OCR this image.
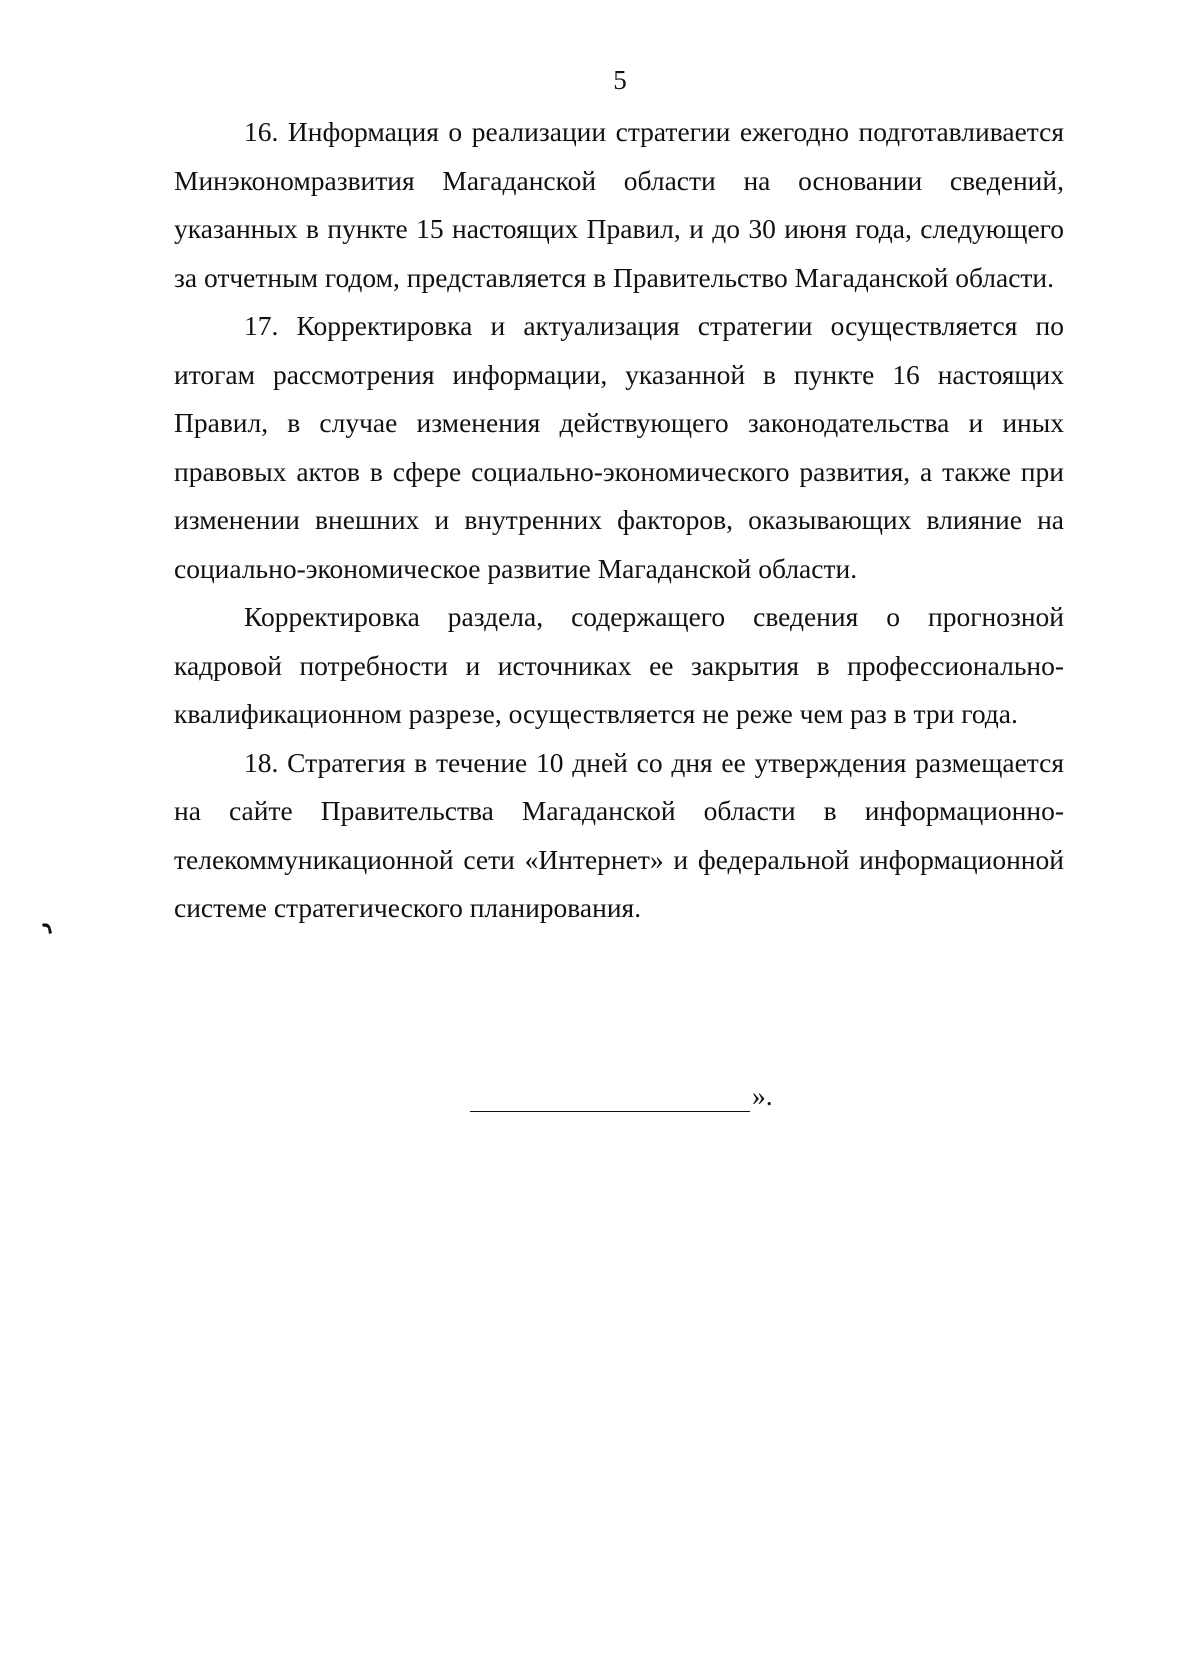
5

16. Информация о реализации стратегии ежегодно подготавливается Минэкономразвития Магаданской области на основании сведений, указанных в пункте 15 настоящих Правил, и до 30 июня года, следующего за отчетным годом, представляется в Правительство Магаданской области.

17. Корректировка и актуализация стратегии осуществляется по итогам рассмотрения информации, указанной в пункте 16 настоящих Правил, в случае изменения действующего законодательства и иных правовых актов в сфере социально-экономического развития, а также при изменении внешних и внутренних факторов, оказывающих влияние на социально-экономическое развитие Магаданской области.

Корректировка раздела, содержащего сведения о прогнозной кадровой потребности и источниках ее закрытия в профессионально-квалификационном разрезе, осуществляется не реже чем раз в три года.

18. Стратегия в течение 10 дней со дня ее утверждения размещается на сайте Правительства Магаданской области в информационно-телекоммуникационной сети «Интернет» и федеральной информационной системе стратегического планирования.

».
